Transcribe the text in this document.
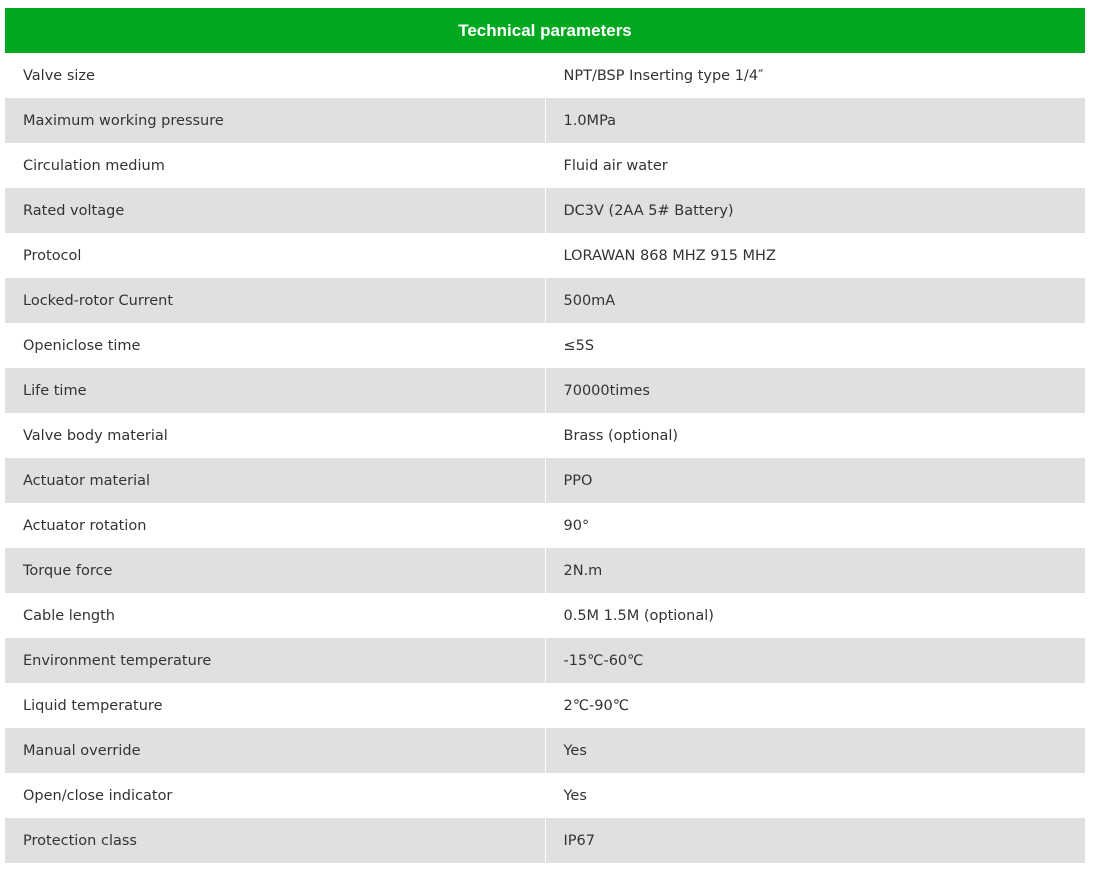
Technical parameters	
Valve size	NPT/BSP Inserting type 1/4″
Maximum working pressure	1.0MPa
Circulation medium	Fluid air water
Rated voltage	DC3V (2AA 5# Battery)
Protocol	LORAWAN 868 MHZ 915 MHZ
Locked-rotor Current	500mA
Openiclose time	≤5S
Life time	70000times
Valve body material	Brass (optional)
Actuator material	PPO
Actuator rotation	90°
Torque force	2N.m
Cable length	0.5M 1.5M (optional)
Environment temperature	-15℃-60℃
Liquid temperature	2℃-90℃
Manual override	Yes
Open/close indicator	Yes
Protection class	IP67
